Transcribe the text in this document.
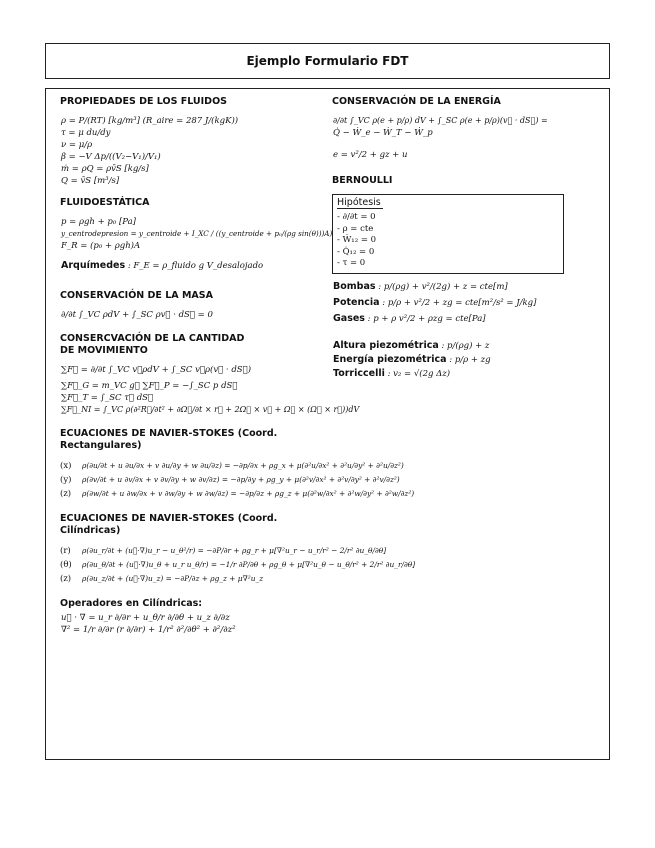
Ejemplo Formulario FDT
PROPIEDADES DE LOS FLUIDOS
ρ = P/(RT) [kg/m³] (R_aire = 287 J/(kgK))
τ = μ du/dy
ν = μ/ρ
β = −V Δp/((V₂−V₁)/V₁)
ṁ = ρQ = ρv̄S [kg/s]
Q = v̄S [m³/s]
FLUIDOESTÁTICA
p = ρgh + p₀ [Pa]
y_centrodepresion = y_centroide + I_XC / ((y_centroide + p₀/(ρg sin(θ)))A)
F_R = (p₀ + ρgh)A
Arquímedes : F_E = ρ_fluido g V_desalojado
CONSERVACIÓN DE LA MASA
∂/∂t ∫_VC ρdV + ∫_SC ρv⃗ · dS⃗ = 0
CONSERCVACIÓN DE LA CANTIDAD
DE MOVIMIENTO
∑F⃗ = ∂/∂t ∫_VC v⃗ρdV + ∫_SC v⃗ρ(v⃗ · dS⃗)
∑F⃗_G = m_VC g⃗ ∑F⃗_P = −∫_SC p dS⃗
∑F⃗_T = ∫_SC τ⃗ dS⃗
∑F⃗_NI = ∫_VC ρ(∂²R⃗/∂t² + ∂Ω⃗/∂t × r⃗ + 2Ω⃗ × v⃗ + Ω⃗ × (Ω⃗ × r⃗))dV
ECUACIONES DE NAVIER-STOKES (Coord. Rectangulares)
(x) ρ(∂u/∂t + u ∂u/∂x + v ∂u/∂y + w ∂u/∂z) = −∂p/∂x + ρg_x + μ(∂²u/∂x² + ∂²u/∂y² + ∂²u/∂z²)
(y) ρ(∂v/∂t + u ∂v/∂x + v ∂v/∂y + w ∂v/∂z) = −∂p/∂y + ρg_y + μ(∂²v/∂x² + ∂²v/∂y² + ∂²v/∂z²)
(z) ρ(∂w/∂t + u ∂w/∂x + v ∂w/∂y + w ∂w/∂z) = −∂p/∂z + ρg_z + μ(∂²w/∂x² + ∂²w/∂y² + ∂²w/∂z²)
ECUACIONES DE NAVIER-STOKES (Coord. Cilíndricas)
(r) ρ(∂u_r/∂t + (u⃗·∇)u_r − u_θ²/r) = −∂P/∂r + ρg_r + μ[∇²u_r − u_r/r² − 2/r² ∂u_θ/∂θ]
(θ) ρ(∂u_θ/∂t + (u⃗·∇)u_θ + u_r u_θ/r) = −1/r ∂P/∂θ + ρg_θ + μ[∇²u_θ − u_θ/r² + 2/r² ∂u_r/∂θ]
(z) ρ(∂u_z/∂t + (u⃗·∇)u_z) = −∂P/∂z + ρg_z + μ∇²u_z
Operadores en Cilíndricas:
u⃗ · ∇ = u_r ∂/∂r + u_θ/r ∂/∂θ + u_z ∂/∂z
∇² = 1/r ∂/∂r (r ∂/∂r) + 1/r² ∂²/∂θ² + ∂²/∂z²
CONSERVACIÓN DE LA ENERGÍA
∂/∂t ∫_VC ρ(e + p/ρ) dV + ∫_SC ρ(e + p/ρ)(v⃗ · dS⃗) =
Q̇ − Ẇ_e − Ẇ_T − Ẇ_p
e = v²/2 + gz + u
BERNOULLI
Hipótesis
- ∂/∂t = 0
- ρ = cte
- Ẇ₁₂ = 0
- Q̇₁₂ = 0
- τ = 0
Bombas : p/(ρg) + v²/(2g) + z = cte[m]
Potencia : p/ρ + v²/2 + zg = cte[m²/s² = J/kg]
Gases : p + ρ v²/2 + ρzg = cte[Pa]
Altura piezométrica : p/(ρg) + z
Energía piezométrica : p/ρ + zg
Torriccelli : v₂ = √(2g Δz)
